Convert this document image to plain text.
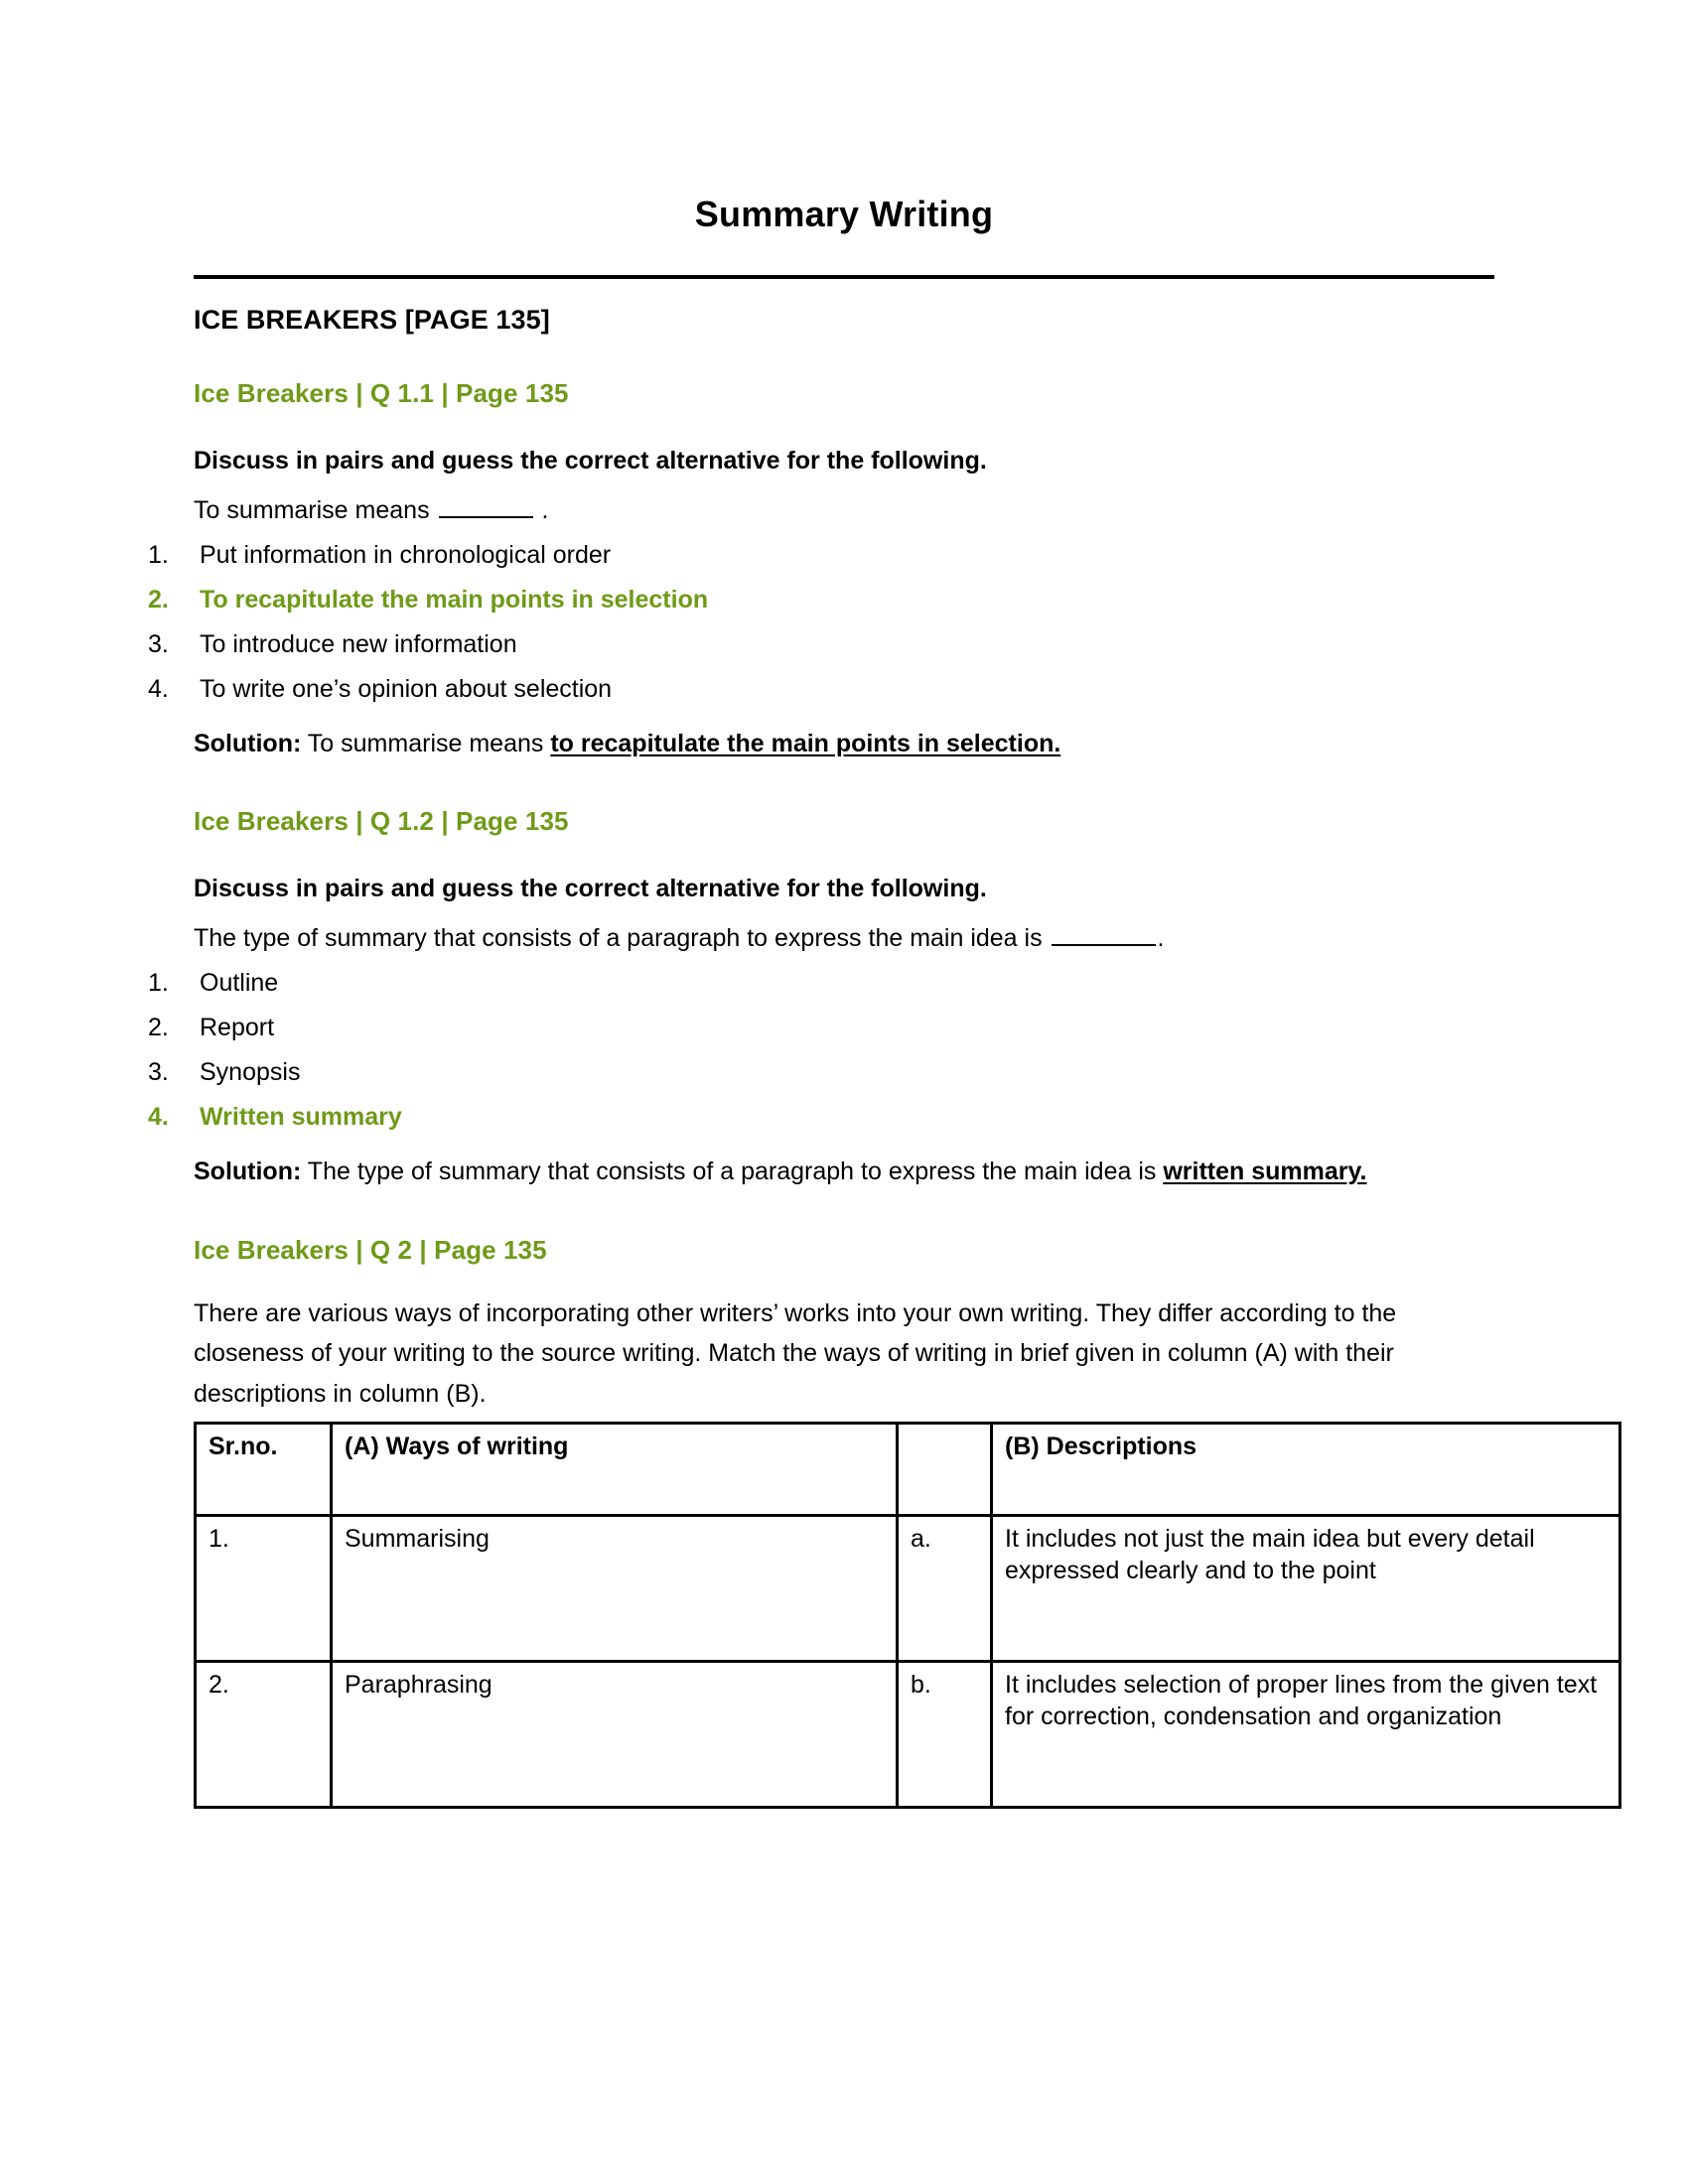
Summary Writing
ICE BREAKERS [PAGE 135]
Ice Breakers | Q 1.1 | Page 135
Discuss in pairs and guess the correct alternative for the following.
To summarise means	.
1.	Put information in chronological order
2.	To recapitulate the main points in selection
3.	To introduce new information
4.	To write one’s opinion about selection
Solution: To summarise means to recapitulate the main points in selection.
Ice Breakers | Q 1.2 | Page 135
Discuss in pairs and guess the correct alternative for the following.
The type of summary that consists of a paragraph to express the main idea is	.
1.	Outline
2.	Report
3.	Synopsis
4.	Written summary
Solution: The type of summary that consists of a paragraph to express the main idea is written summary.
Ice Breakers | Q 2 | Page 135

There are various ways of incorporating other writers’ works into your own writing. They differ according to the closeness of your writing to the source writing. Match the ways of writing in brief given in column (A) with their descriptions in column (B).

Sr.no.	(A) Ways of writing		(B) Descriptions
1.	Summarising	a.	It includes not just the main idea but every detail expressed clearly and to the point
2.	Paraphrasing	b.	It includes selection of proper lines from the given text for correction, condensation and organization
